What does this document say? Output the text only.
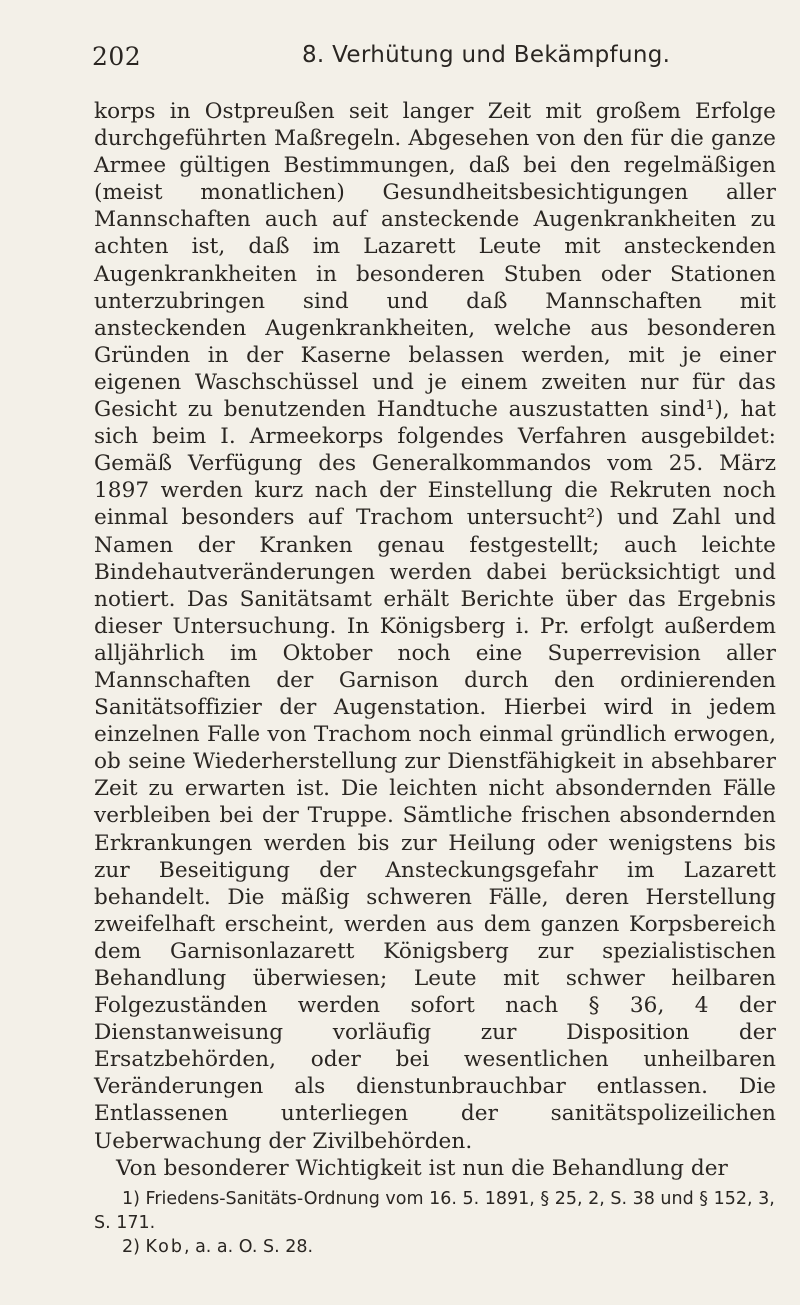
202	8. Verhütung und Bekämpfung.

korps in Ostpreußen seit langer Zeit mit großem Erfolge durchgeführten Maßregeln. Abgesehen von den für die ganze Armee gültigen Bestimmungen, daß bei den regelmäßigen (meist monatlichen) Gesundheitsbesichtigungen aller Mannschaften auch auf ansteckende Augenkrankheiten zu achten ist, daß im Lazarett Leute mit ansteckenden Augenkrankheiten in besonderen Stuben oder Stationen unterzubringen sind und daß Mannschaften mit ansteckenden Augenkrankheiten, welche aus besonderen Gründen in der Kaserne belassen werden, mit je einer eigenen Waschschüssel und je einem zweiten nur für das Gesicht zu benutzenden Handtuche auszustatten sind¹), hat sich beim I. Armeekorps folgendes Verfahren ausgebildet: Gemäß Verfügung des Generalkommandos vom 25. März 1897 werden kurz nach der Einstellung die Rekruten noch einmal besonders auf Trachom untersucht²) und Zahl und Namen der Kranken genau festgestellt; auch leichte Bindehautveränderungen werden dabei berücksichtigt und notiert. Das Sanitätsamt erhält Berichte über das Ergebnis dieser Untersuchung. In Königsberg i. Pr. erfolgt außerdem alljährlich im Oktober noch eine Superrevision aller Mannschaften der Garnison durch den ordinierenden Sanitätsoffizier der Augenstation. Hierbei wird in jedem einzelnen Falle von Trachom noch einmal gründlich erwogen, ob seine Wiederherstellung zur Dienstfähigkeit in absehbarer Zeit zu erwarten ist. Die leichten nicht absondernden Fälle verbleiben bei der Truppe. Sämtliche frischen absondernden Erkrankungen werden bis zur Heilung oder wenigstens bis zur Beseitigung der Ansteckungsgefahr im Lazarett behandelt. Die mäßig schweren Fälle, deren Herstellung zweifelhaft erscheint, werden aus dem ganzen Korpsbereich dem Garnisonlazarett Königsberg zur spezialistischen Behandlung überwiesen; Leute mit schwer heilbaren Folgezuständen werden sofort nach § 36, 4 der Dienstanweisung vorläufig zur Disposition der Ersatzbehörden, oder bei wesentlichen unheilbaren Veränderungen als dienstunbrauchbar entlassen. Die Entlassenen unterliegen der sanitätspolizeilichen Ueberwachung der Zivilbehörden.

Von besonderer Wichtigkeit ist nun die Behandlung der

1) Friedens-Sanitäts-Ordnung vom 16. 5. 1891, § 25, 2, S. 38 und § 152, 3, S. 171.

2) Kob, a. a. O. S. 28.
